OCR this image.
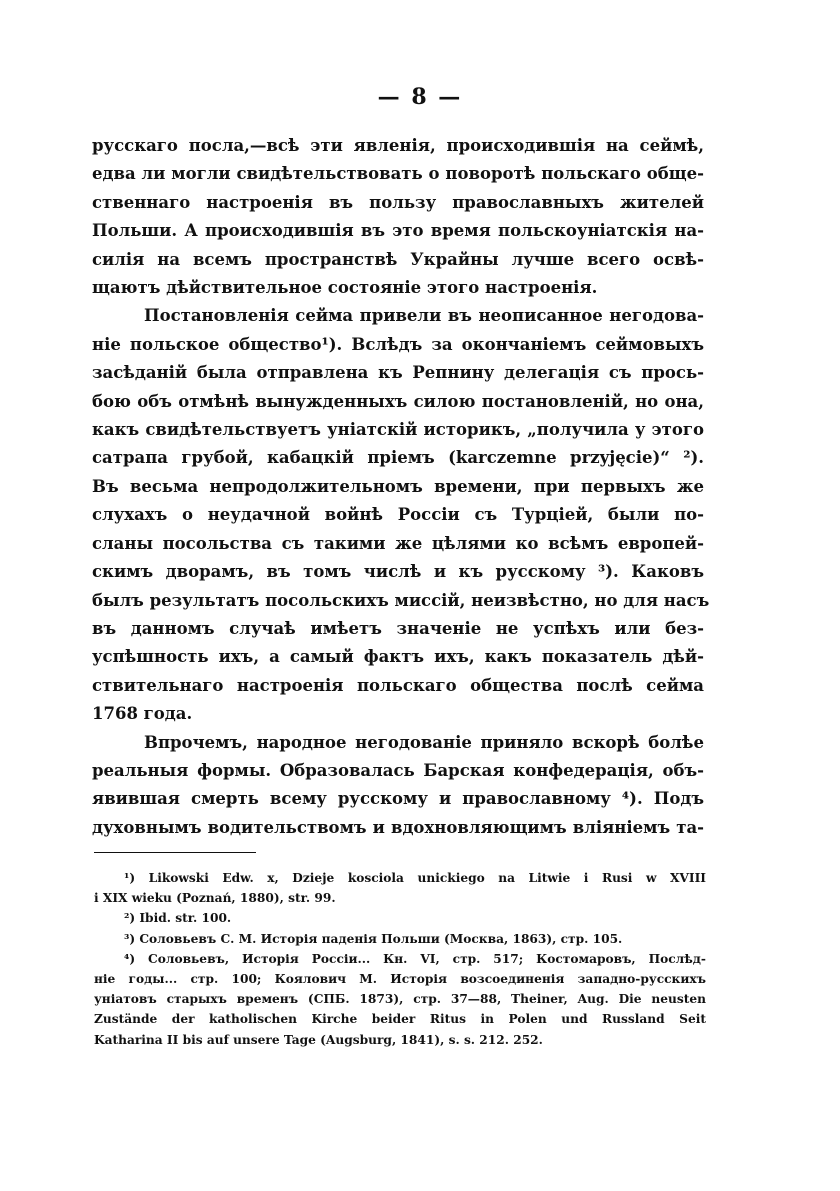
— 8 —
русскаго посла,—всѣ эти явленія, происходившія на сеймѣ,
едва ли могли свидѣтельствовать о поворотѣ польскаго обще-
ственнаго настроенія въ пользу православныхъ жителей
Польши. А происходившія въ это время польскоуніатскія на-
силія на всемъ пространствѣ Украйны лучше всего освѣ-
щаютъ дѣйствительное состояніе этого настроенія.
Постановленія сейма привели въ неописанное негодова-
ніе польское общество¹). Вслѣдъ за окончаніемъ сеймовыхъ
засѣданій была отправлена къ Репнину делегація съ прось-
бою объ отмѣнѣ вынужденныхъ силою постановленій, но она,
какъ свидѣтельствуетъ уніатскій историкъ, „получила у этого
сатрапа грубой, кабацкій пріемъ (karczemne przyjęcie)“ ²).
Въ весьма непродолжительномъ времени, при первыхъ же
слухахъ о неудачной войнѣ Россіи съ Турціей, были по-
сланы посольства съ такими же цѣлями ко всѣмъ европей-
скимъ дворамъ, въ томъ числѣ и къ русскому ³). Каковъ
былъ результатъ посольскихъ миссій, неизвѣстно, но для насъ
въ данномъ случаѣ имѣетъ значеніе не успѣхъ или без-
успѣшность ихъ, а самый фактъ ихъ, какъ показатель дѣй-
ствительнаго настроенія польскаго общества послѣ сейма
1768 года.
Впрочемъ, народное негодованіе приняло вскорѣ болѣе
реальныя формы. Образовалась Барская конфедерація, объ-
явившая смерть всему русскому и православному ⁴). Подъ
духовнымъ водительствомъ и вдохновляющимъ вліяніемъ та-
¹) Likowski Edw. x, Dzieje kosciola unickiego na Litwie i Rusi w XVIII
i XIX wieku (Poznań, 1880), str. 99.
²) Ibid. str. 100.
³) Соловьевъ С. М. Исторія паденія Польши (Москва, 1863), стр. 105.
⁴) Соловьевъ, Исторія Россіи... Кн. VI, стр. 517; Костомаровъ, Послѣд-
ніе годы... стр. 100; Коялович М. Исторія возсоединенія западно-русскихъ
уніатовъ старыхъ временъ (СПБ. 1873), стр. 37—88, Theiner, Aug. Die neusten
Zustände der katholischen Kirche beider Ritus in Polen und Russland Seit
Katharina II bis auf unsere Tage (Augsburg, 1841), s. s. 212. 252.
